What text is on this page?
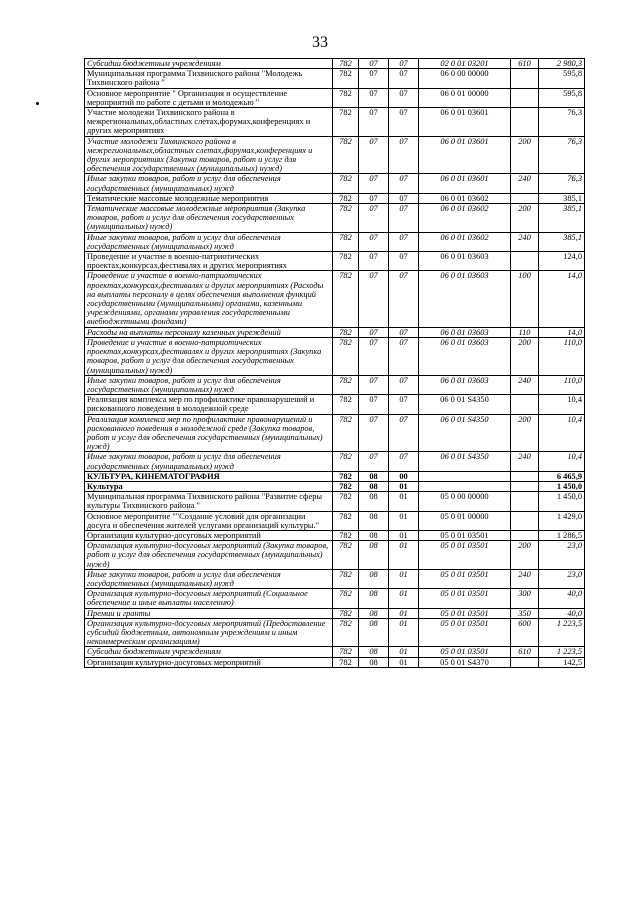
33
Субсидии бюджетным учреждениям	782	07	07	02 0 01 03201	610	2 980,3
Муниципальная программа Тихвинского района "Молодежь Тихвинского района "	782	07	07	06 0 00 00000		595,8
Основное мероприятие " Организация и осуществление мероприятий по работе с детьми и молодежью "	782	07	07	06 0 01 00000		595,8
Участие молодежи Тихвинского района в межрегиональных,областных слетах,форумах,конференциях и других мероприятиях	782	07	07	06 0 01 03601		76,3
Участие молодежи Тихвинского района в межрегиональных,областных слетах,форумах,конференциях и других мероприятиях (Закупка товаров, работ и услуг для обеспечения государственных (муниципальных) нужд)	782	07	07	06 0 01 03601	200	76,3
Иные закупки товаров, работ и услуг для обеспечения государственных (муниципальных) нужд	782	07	07	06 0 01 03601	240	76,3
Тематические массовые молодежные мероприятия	782	07	07	06 0 01 03602		385,1
Тематические массовые молодежные мероприятия (Закупка товаров, работ и услуг для обеспечения государственных (муниципальных) нужд)	782	07	07	06 0 01 03602	200	385,1
Иные закупки товаров, работ и услуг для обеспечения государственных (муниципальных) нужд	782	07	07	06 0 01 03602	240	385,1
Проведение и участие в военно-патриотических проектах,конкурсах,фестивалях и других мероприятиях	782	07	07	06 0 01 03603		124,0
Проведение и участие в военно-патриотических проектах,конкурсах,фестивалях и других мероприятиях (Расходы на выплаты персоналу в целях обеспечения выполнения функций государственными (муниципальными) органами, казенными учреждениями, органами управления государственными внебюджетными фондами)	782	07	07	06 0 01 03603	100	14,0
Расходы на выплаты персоналу казенных учреждений	782	07	07	06 0 01 03603	110	14,0
Проведение и участие в военно-патриотических проектах,конкурсах,фестивалях и других мероприятиях (Закупка товаров, работ и услуг для обеспечения государственных (муниципальных) нужд)	782	07	07	06 0 01 03603	200	110,0
Иные закупки товаров, работ и услуг для обеспечения государственных (муниципальных) нужд	782	07	07	06 0 01 03603	240	110,0
Реализация комплекса мер по профилактике правонарушений и рискованного поведения в молодежной среде	782	07	07	06 0 01 S4350		10,4
Реализация комплекса мер по профилактике правонарушений и рискованного поведения в молодежной среде (Закупка товаров, работ и услуг для обеспечения государственных (муниципальных) нужд)	782	07	07	06 0 01 S4350	200	10,4
Иные закупки товаров, работ и услуг для обеспечения государственных (муниципальных) нужд	782	07	07	06 0 01 S4350	240	10,4
КУЛЬТУРА, КИНЕМАТОГРАФИЯ	782	08	00			6 465,9
Культура	782	08	01			1 450,0
Муниципальная программа Тихвинского района "Развитие сферы культуры Тихвинского района "	782	08	01	05 0 00 00000		1 450,0
Основное мероприятие ""Создание условий для организации досуга и обеспечения жителей услугами организаций культуры."	782	08	01	05 0 01 00000		1 429,0
Организация культурно-досуговых мероприятий	782	08	01	05 0 01 03501		1 286,5
Организация культурно-досуговых мероприятий (Закупка товаров, работ и услуг для обеспечения государственных (муниципальных) нужд)	782	08	01	05 0 01 03501	200	23,0
Иные закупки товаров, работ и услуг для обеспечения государственных (муниципальных) нужд	782	08	01	05 0 01 03501	240	23,0
Организация культурно-досуговых мероприятий (Социальное обеспечение и иные выплаты населению)	782	08	01	05 0 01 03501	300	40,0
Премии и гранты	782	08	01	05 0 01 03501	350	40,0
Организация культурно-досуговых мероприятий (Предоставление субсидий бюджетным, автономным учреждениям и иным некоммерческим организациям)	782	08	01	05 0 01 03501	600	1 223,5
Субсидии бюджетным учреждениям	782	08	01	05 0 01 03501	610	1 223,5
Организация культурно-досуговых мероприятий	782	08	01	05 0 01 S4370		142,5
